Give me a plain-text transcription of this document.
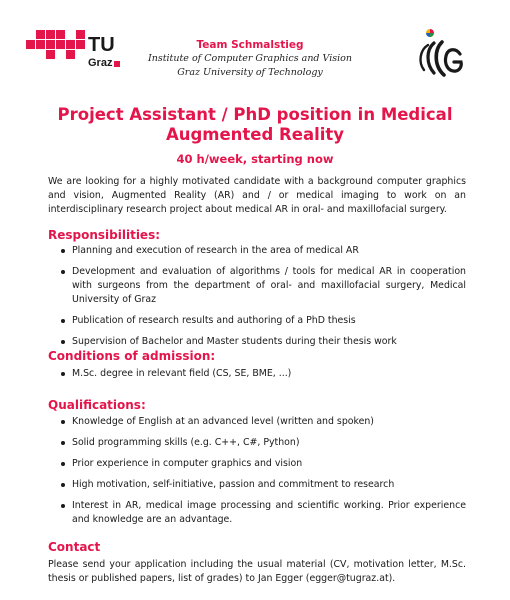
TU
Graz
Team Schmalstieg
Institute of Computer Graphics and Vision
Graz University of Technology
Project Assistant / PhD position in Medical Augmented Reality
40 h/week, starting now
We are looking for a highly motivated candidate with a background computer graphics and vision, Augmented Reality (AR) and / or medical imaging to work on an interdisciplinary research project about medical AR in oral- and maxillofacial surgery.
Responsibilities:
Planning and execution of research in the area of medical AR
Development and evaluation of algorithms / tools for medical AR in cooperation with surgeons from the department of oral- and maxillofacial surgery, Medical University of Graz
Publication of research results and authoring of a PhD thesis
Supervision of Bachelor and Master students during their thesis work
Conditions of admission:
M.Sc. degree in relevant field (CS, SE, BME, ...)
Qualifications:
Knowledge of English at an advanced level (written and spoken)
Solid programming skills (e.g. C++, C#, Python)
Prior experience in computer graphics and vision
High motivation, self-initiative, passion and commitment to research
Interest in AR, medical image processing and scientific working. Prior experience and knowledge are an advantage.
Contact
Please send your application including the usual material (CV, motivation letter, M.Sc. thesis or published papers, list of grades) to Jan Egger (egger@tugraz.at).
